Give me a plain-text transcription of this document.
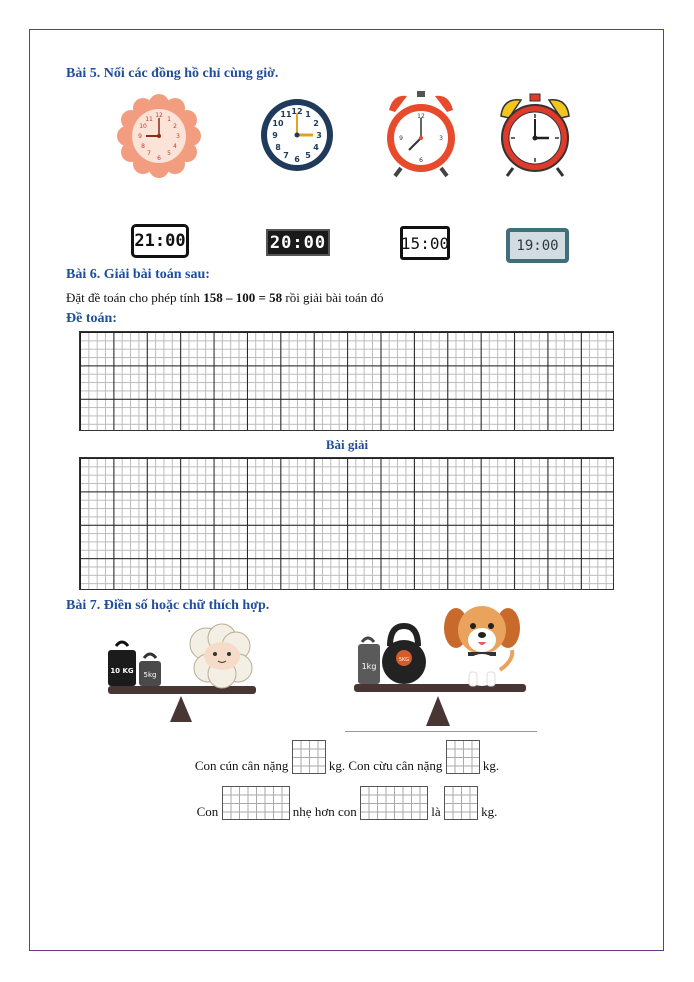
Bài 5. Nối các đồng hồ chỉ cùng giờ.
12
3
6
9
1
2
4
5
7
8
10
11
12
3
6
9
1
2
4
5
7
8
10
11	12
3
6
9
21:00	20:00	15:00	19:00
Bài 6. Giải bài toán sau:
Đặt đề toán cho phép tính 158 – 100 = 58 rồi giải bài toán đó
Đề toán:
Bài giải
Bài 7. Điền số hoặc chữ thích hợp.
10 KG 5kg
1kg
5KG
Con cún cân nặng	kg. Con cừu cân nặng	kg.
Con	nhẹ hơn con	là	kg.
